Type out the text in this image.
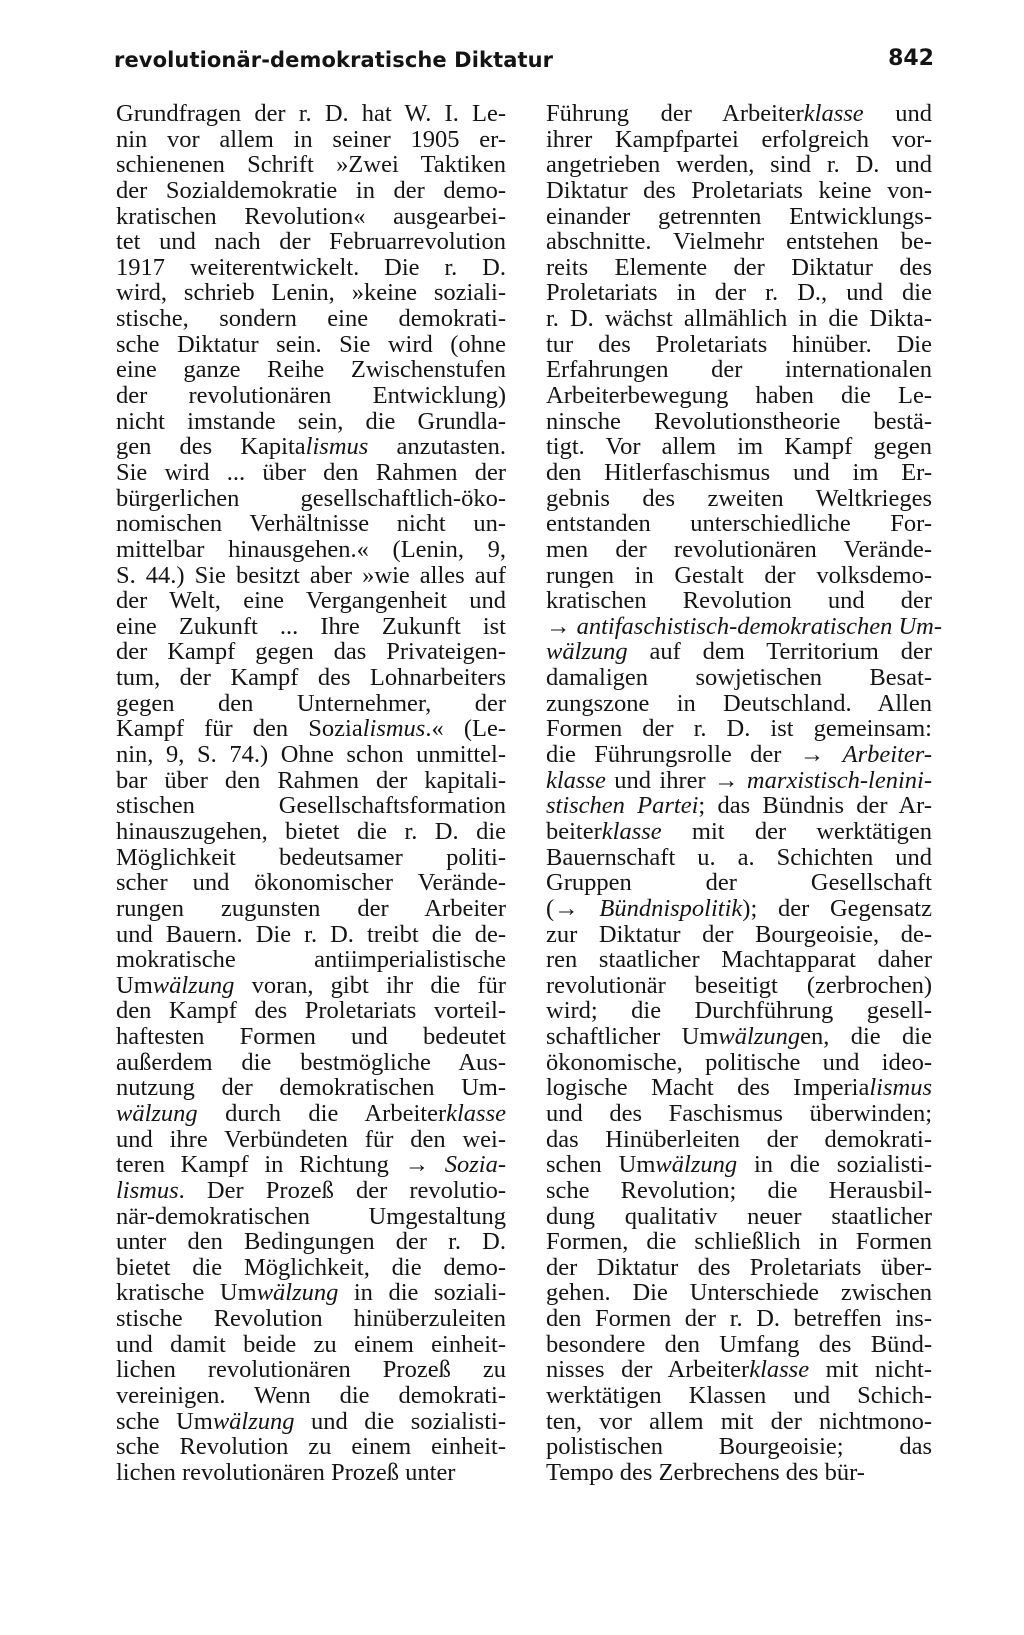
revolutionär-demokratische Diktatur	842
Grundfragen der r. D. hat W. I. Le-
nin vor allem in seiner 1905 er-
schienenen Schrift »Zwei Taktiken
der Sozialdemokratie in der demo-
kratischen Revolution« ausgearbei-
tet und nach der Februarrevolution
1917 weiterentwickelt. Die r. D.
wird, schrieb Lenin, »keine soziali-
stische, sondern eine demokrati-
sche Diktatur sein. Sie wird (ohne
eine ganze Reihe Zwischenstufen
der revolutionären Entwicklung)
nicht imstande sein, die Grundla-
gen des Kapitalismus anzutasten.
Sie wird ... über den Rahmen der
bürgerlichen gesellschaftlich-öko-
nomischen Verhältnisse nicht un-
mittelbar hinausgehen.« (Lenin, 9,
S. 44.) Sie besitzt aber »wie alles auf
der Welt, eine Vergangenheit und
eine Zukunft ... Ihre Zukunft ist
der Kampf gegen das Privateigen-
tum, der Kampf des Lohnarbeiters
gegen den Unternehmer, der
Kampf für den Sozialismus.« (Le-
nin, 9, S. 74.) Ohne schon unmittel-
bar über den Rahmen der kapitali-
stischen Gesellschaftsformation
hinauszugehen, bietet die r. D. die
Möglichkeit bedeutsamer politi-
scher und ökonomischer Verände-
rungen zugunsten der Arbeiter
und Bauern. Die r. D. treibt die de-
mokratische antiimperialistische
Umwälzung voran, gibt ihr die für
den Kampf des Proletariats vorteil-
haftesten Formen und bedeutet
außerdem die bestmögliche Aus-
nutzung der demokratischen Um-
wälzung durch die Arbeiterklasse
und ihre Verbündeten für den wei-
teren Kampf in Richtung → Sozia-
lismus. Der Prozeß der revolutio-
när-demokratischen Umgestaltung
unter den Bedingungen der r. D.
bietet die Möglichkeit, die demo-
kratische Umwälzung in die soziali-
stische Revolution hinüberzuleiten
und damit beide zu einem einheit-
lichen revolutionären Prozeß zu
vereinigen. Wenn die demokrati-
sche Umwälzung und die sozialisti-
sche Revolution zu einem einheit-
lichen revolutionären Prozeß unter
Führung der Arbeiterklasse und
ihrer Kampfpartei erfolgreich vor-
angetrieben werden, sind r. D. und
Diktatur des Proletariats keine von-
einander getrennten Entwicklungs-
abschnitte. Vielmehr entstehen be-
reits Elemente der Diktatur des
Proletariats in der r. D., und die
r. D. wächst allmählich in die Dikta-
tur des Proletariats hinüber. Die
Erfahrungen der internationalen
Arbeiterbewegung haben die Le-
ninsche Revolutionstheorie bestä-
tigt. Vor allem im Kampf gegen
den Hitlerfaschismus und im Er-
gebnis des zweiten Weltkrieges
entstanden unterschiedliche For-
men der revolutionären Verände-
rungen in Gestalt der volksdemo-
kratischen Revolution und der
→ antifaschistisch-demokratischen Um-
wälzung auf dem Territorium der
damaligen sowjetischen Besat-
zungszone in Deutschland. Allen
Formen der r. D. ist gemeinsam:
die Führungsrolle der → Arbeiter-
klasse und ihrer → marxistisch-lenini-
stischen Partei; das Bündnis der Ar-
beiterklasse mit der werktätigen
Bauernschaft u. a. Schichten und
Gruppen der Gesellschaft
(→ Bündnispolitik); der Gegensatz
zur Diktatur der Bourgeoisie, de-
ren staatlicher Machtapparat daher
revolutionär beseitigt (zerbrochen)
wird; die Durchführung gesell-
schaftlicher Umwälzungen, die die
ökonomische, politische und ideo-
logische Macht des Imperialismus
und des Faschismus überwinden;
das Hinüberleiten der demokrati-
schen Umwälzung in die sozialisti-
sche Revolution; die Herausbil-
dung qualitativ neuer staatlicher
Formen, die schließlich in Formen
der Diktatur des Proletariats über-
gehen. Die Unterschiede zwischen
den Formen der r. D. betreffen ins-
besondere den Umfang des Bünd-
nisses der Arbeiterklasse mit nicht-
werktätigen Klassen und Schich-
ten, vor allem mit der nichtmono-
polistischen Bourgeoisie; das
Tempo des Zerbrechens des bür-
